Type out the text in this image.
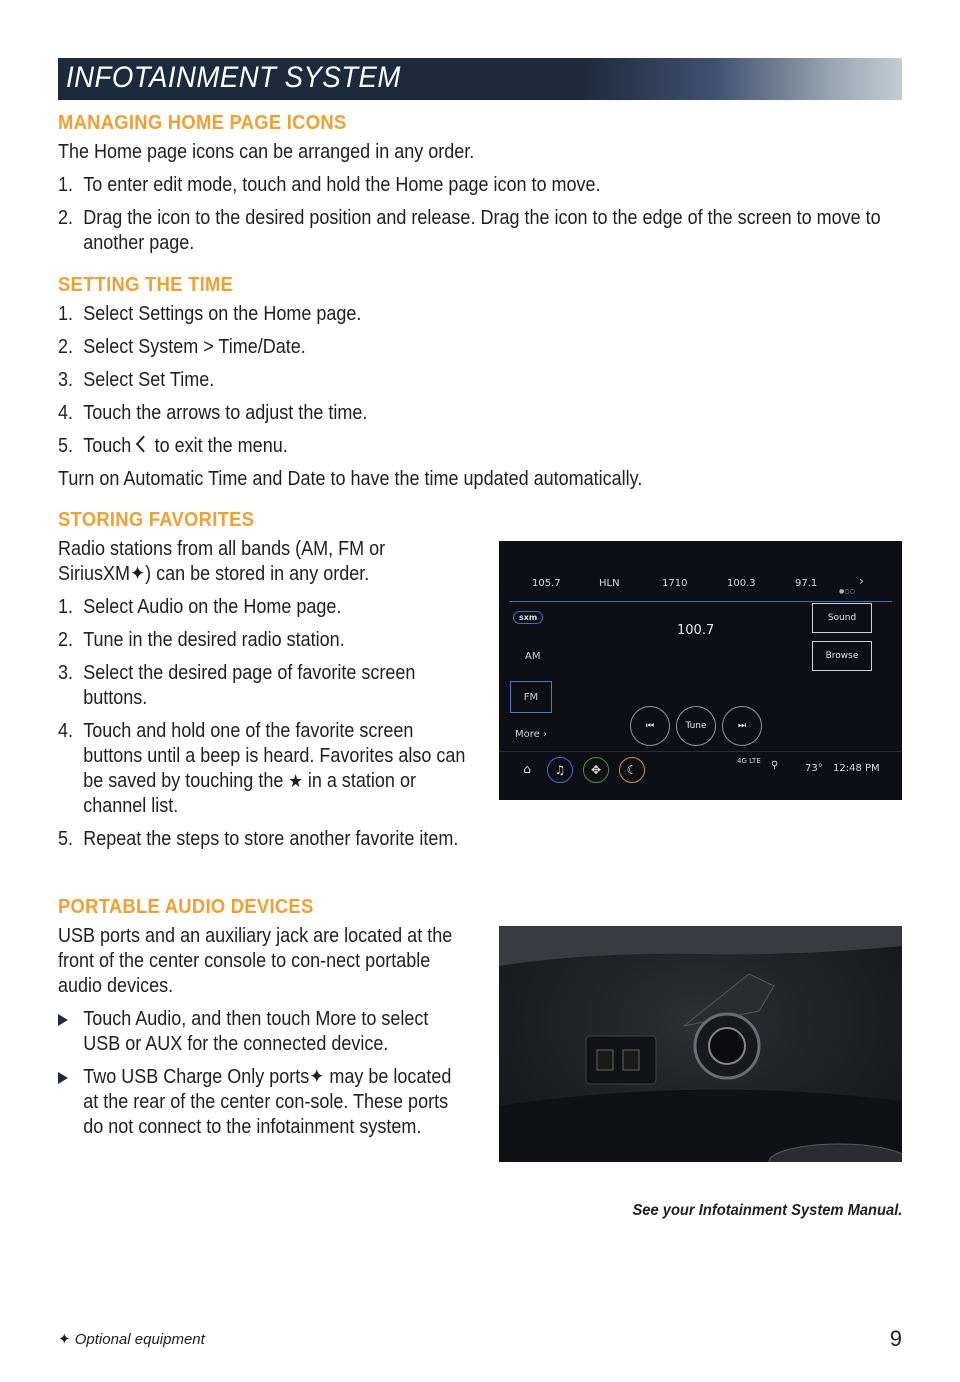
INFOTAINMENT SYSTEM
MANAGING HOME PAGE ICONS
The Home page icons can be arranged in any order.
1. To enter edit mode, touch and hold the Home page icon to move.
2. Drag the icon to the desired position and release. Drag the icon to the edge of the screen to move to another page.
SETTING THE TIME
1. Select Settings on the Home page.
2. Select System > Time/Date.
3. Select Set Time.
4. Touch the arrows to adjust the time.
5. Touch to exit the menu.
Turn on Automatic Time and Date to have the time updated automatically.
STORING FAVORITES
Radio stations from all bands (AM, FM or SiriusXM✦) can be stored in any order.
1. Select Audio on the Home page.
2. Tune in the desired radio station.
3. Select the desired page of favorite screen buttons.
4. Touch and hold one of the favorite screen buttons until a beep is heard. Favorites also can be saved by touching the ★ in a station or channel list.
5. Repeat the steps to store another favorite item.
PORTABLE AUDIO DEVICES
USB ports and an auxiliary jack are located at the front of the center console to con-nect portable audio devices.
Touch Audio, and then touch More to select USB or AUX for the connected device.
Two USB Charge Only ports✦ may be located at the rear of the center con-sole. These ports do not connect to the infotainment system.
105.7	HLN	1710	100.3	97.1	›
●○○
sxm
AM
FM
More ›
100.7
Sound
Browse
⏮	Tune	⏭
⌂	♫	✥	☾
4G LTE ⚲	73° 12:48 PM
See your Infotainment System Manual.
✦ Optional equipment	9
